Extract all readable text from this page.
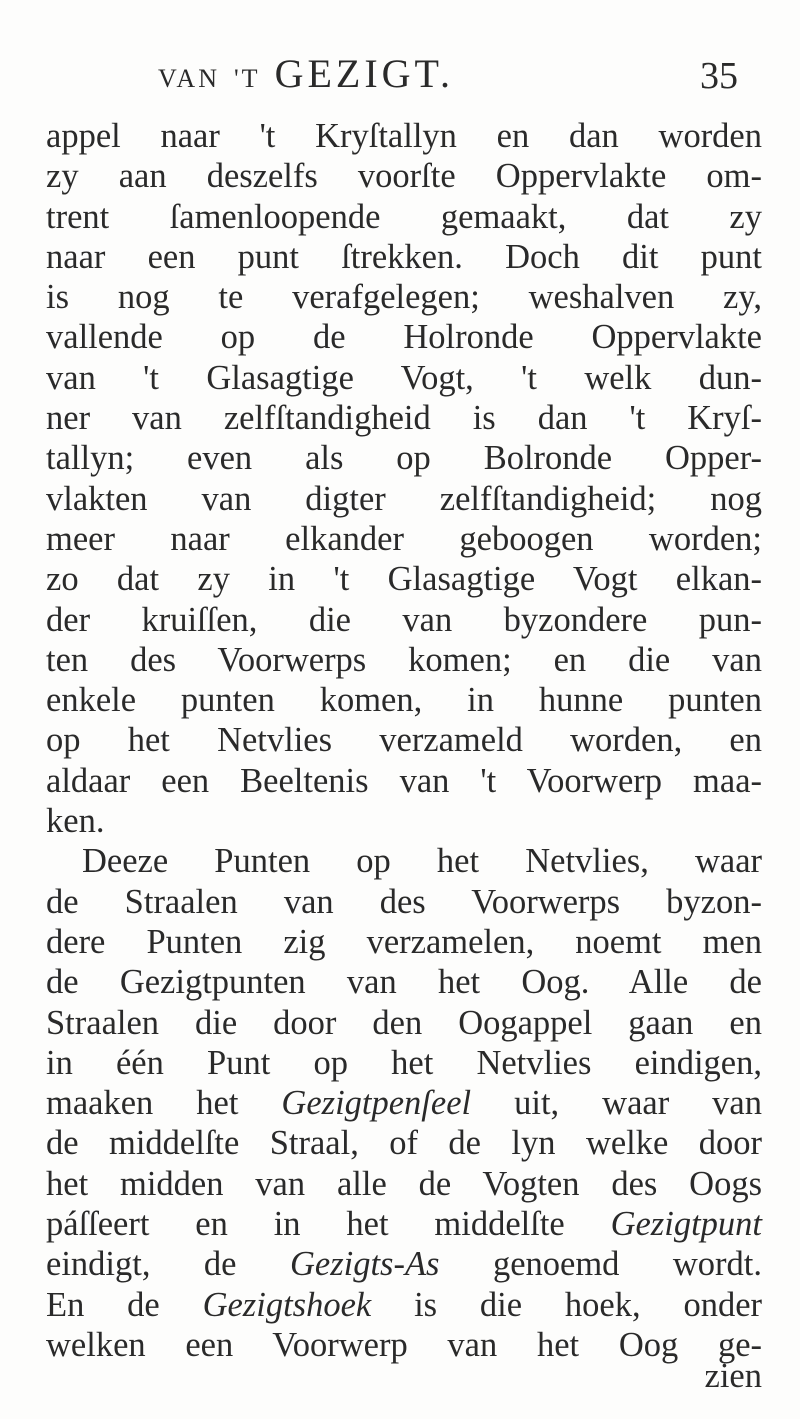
VAN 'T GEZIGT.	35
appel naar 't Kryſtallyn en dan worden
zy aan deszelfs voorſte Oppervlakte om-
trent ſamenloopende gemaakt, dat zy
naar een punt ſtrekken. Doch dit punt
is nog te verafgelegen; weshalven zy,
vallende op de Holronde Oppervlakte
van 't Glasagtige Vogt, 't welk dun-
ner van zelfſtandigheid is dan 't Kryſ-
tallyn; even als op Bolronde Opper-
vlakten van digter zelfſtandigheid; nog
meer naar elkander geboogen worden;
zo dat zy in 't Glasagtige Vogt elkan-
der kruiſſen, die van byzondere pun-
ten des Voorwerps komen; en die van
enkele punten komen, in hunne punten
op het Netvlies verzameld worden, en
aldaar een Beeltenis van 't Voorwerp maa-
ken.
Deeze Punten op het Netvlies, waar
de Straalen van des Voorwerps byzon-
dere Punten zig verzamelen, noemt men
de Gezigtpunten van het Oog. Alle de
Straalen die door den Oogappel gaan en
in één Punt op het Netvlies eindigen,
maaken het Gezigtpenſeel uit, waar van
de middelſte Straal, of de lyn welke door
het midden van alle de Vogten des Oogs
páſſeert en in het middelſte Gezigtpunt
eindigt, de Gezigts-As genoemd wordt.
En de Gezigtshoek is die hoek, onder
welken een Voorwerp van het Oog ge-
zien
